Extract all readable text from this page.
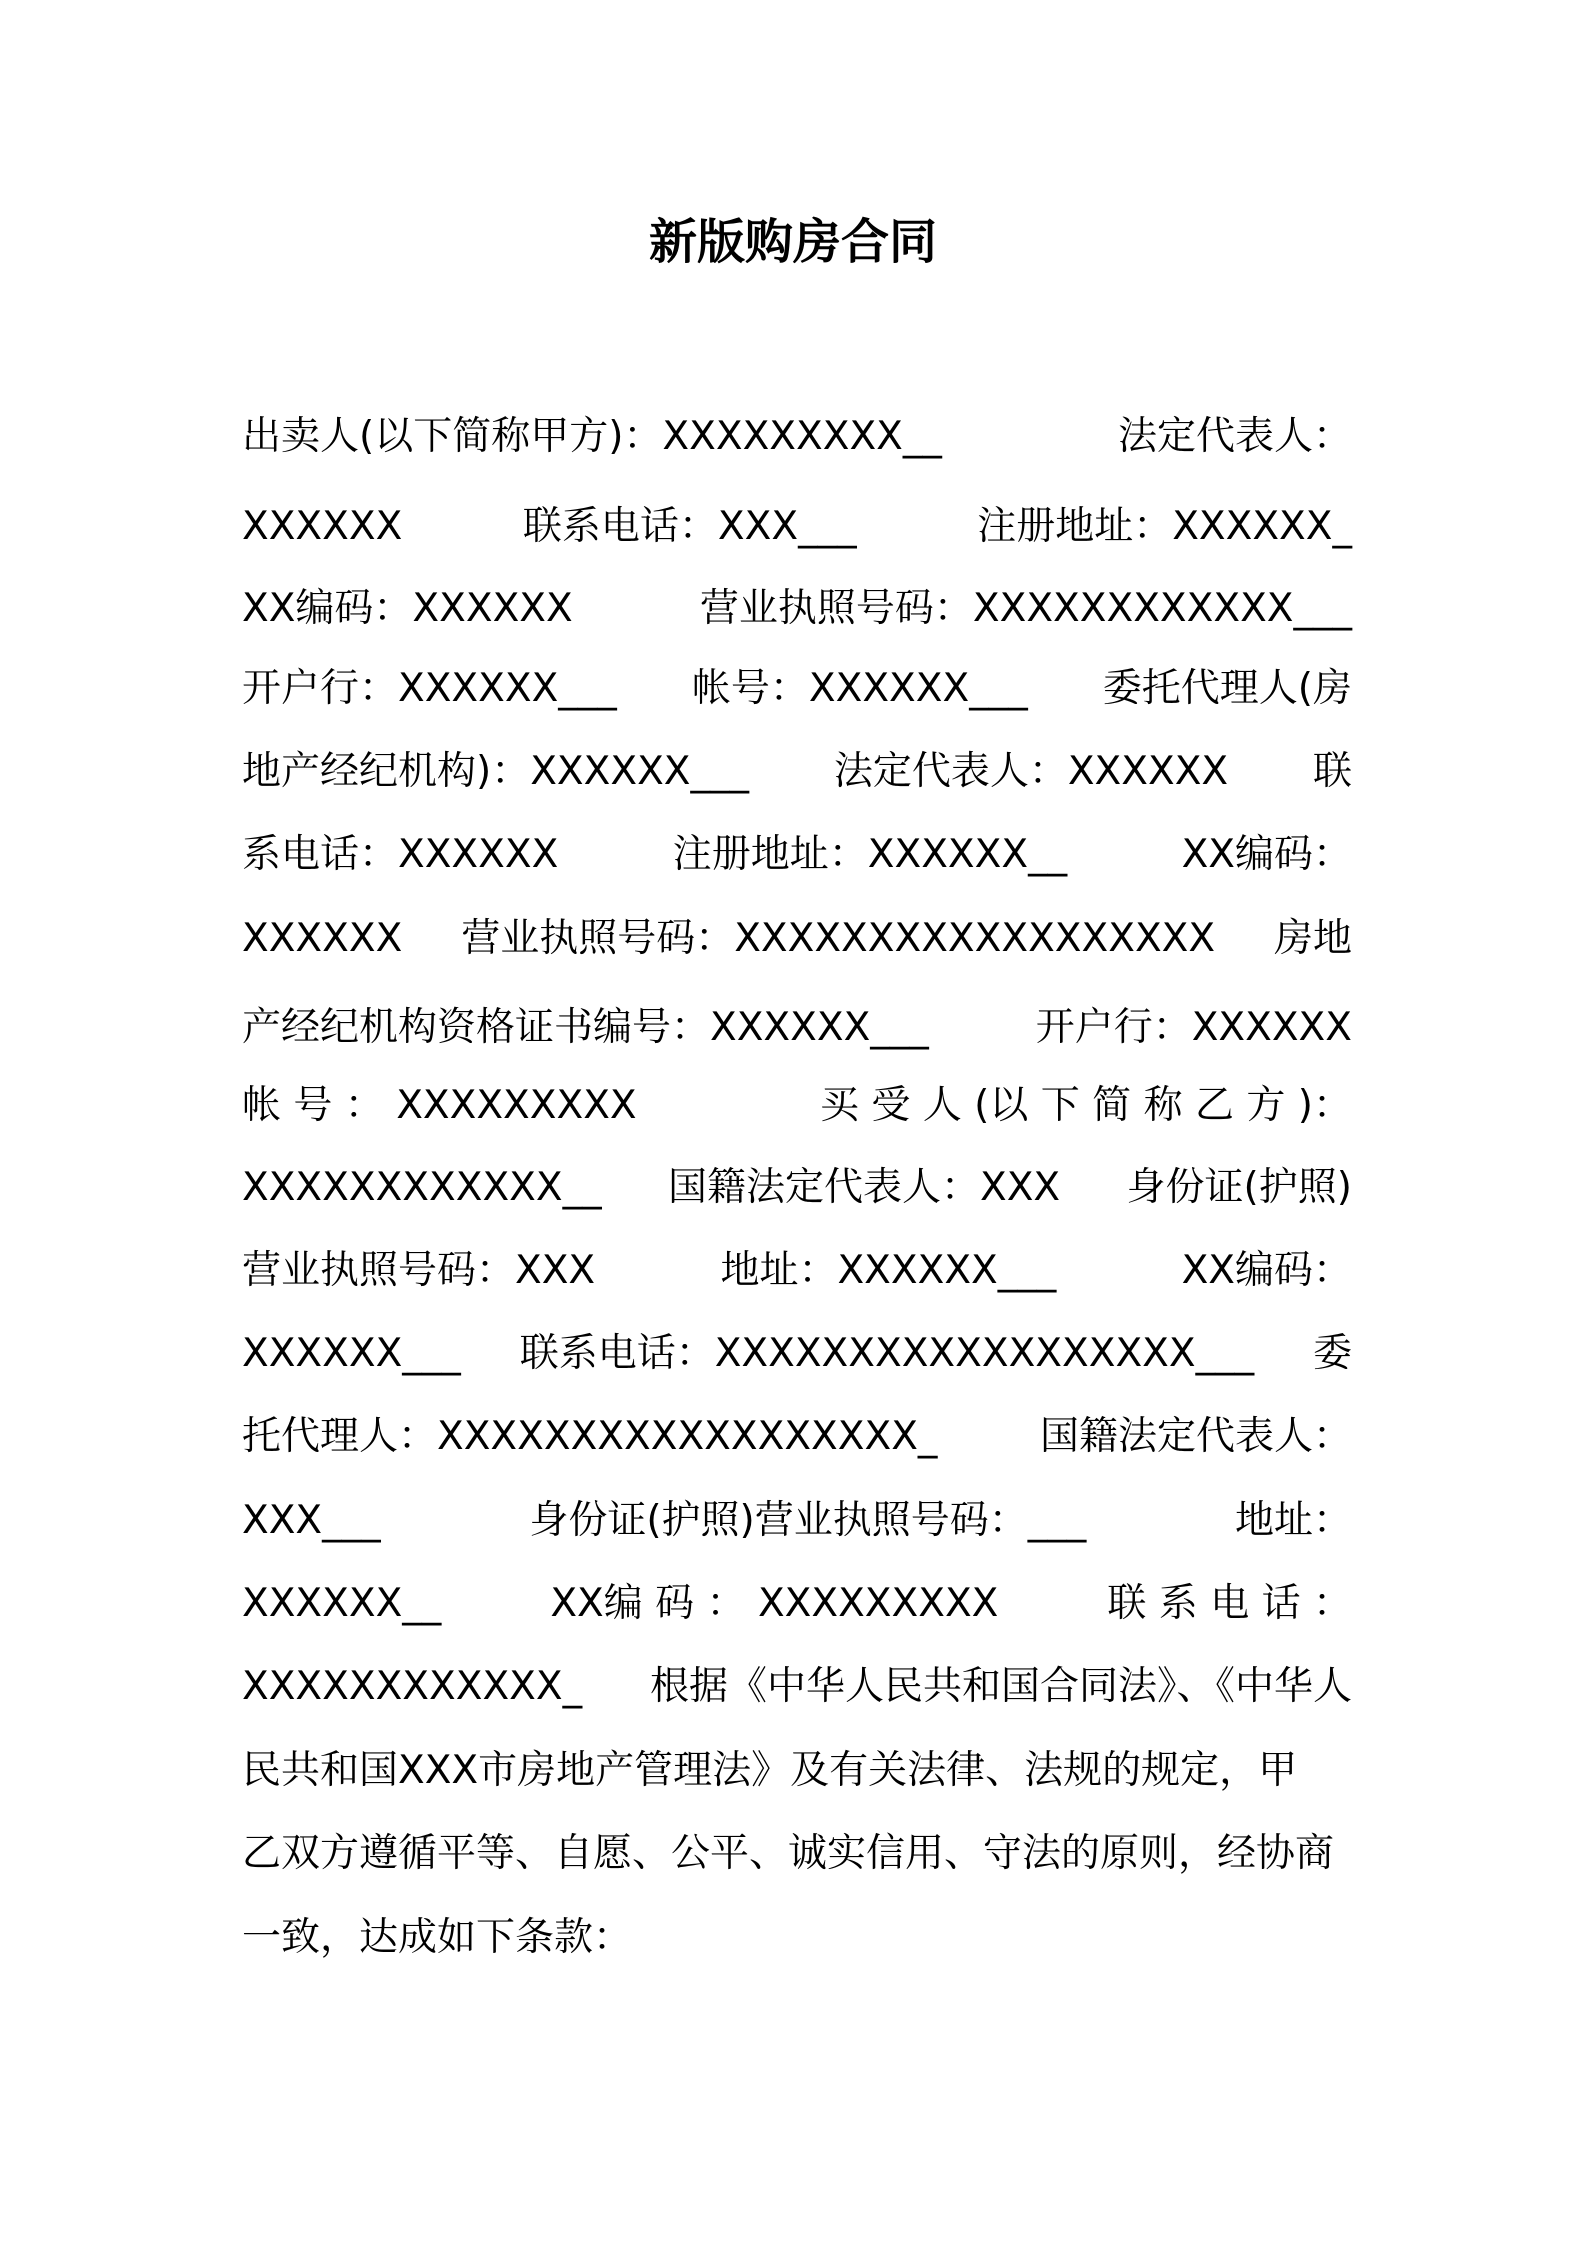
新版购房合同
出卖人(以下简称甲方)：XXXXXXXXX__	法定代表人：
XXXXXX	联系电话：XXX___	注册地址：XXXXXX_
XX编码：XXXXXX	营业执照号码：XXXXXXXXXXXX___
开户行：XXXXXX___ 帐号：XXXXXX___ 委托代理人(房
地产经纪机构)：XXXXXX___ 法定代表人：XXXXXX 联
系电话：XXXXXX	注册地址：XXXXXX__	XX编码：
XXXXXX 营业执照号码：XXXXXXXXXXXXXXXXXX 房地
产经纪机构资格证书编号：XXXXXX___	开户行：XXXXXX
帐 号 ： XXXXXXXXX	买 受 人 (以 下 简 称 乙 方 )：
XXXXXXXXXXXX__ 国籍法定代表人：XXX 身份证(护照)
营业执照号码：XXX	地址：XXXXXX___	XX编码：
XXXXXX___ 联系电话：XXXXXXXXXXXXXXXXXX___ 委
托代理人：XXXXXXXXXXXXXXXXXX_	国籍法定代表人：
XXX___	身份证(护照)营业执照号码：___	地址：
XXXXXX__	XX编 码 ： XXXXXXXXX	联 系 电 话 ：
XXXXXXXXXXXX_ 根据《中华人民共和国合同法》、《中华人
民共和国XXX市房地产管理法》及有关法律、法规的规定，甲
乙双方遵循平等、自愿、公平、诚实信用、守法的原则，经协商
一致，达成如下条款：
